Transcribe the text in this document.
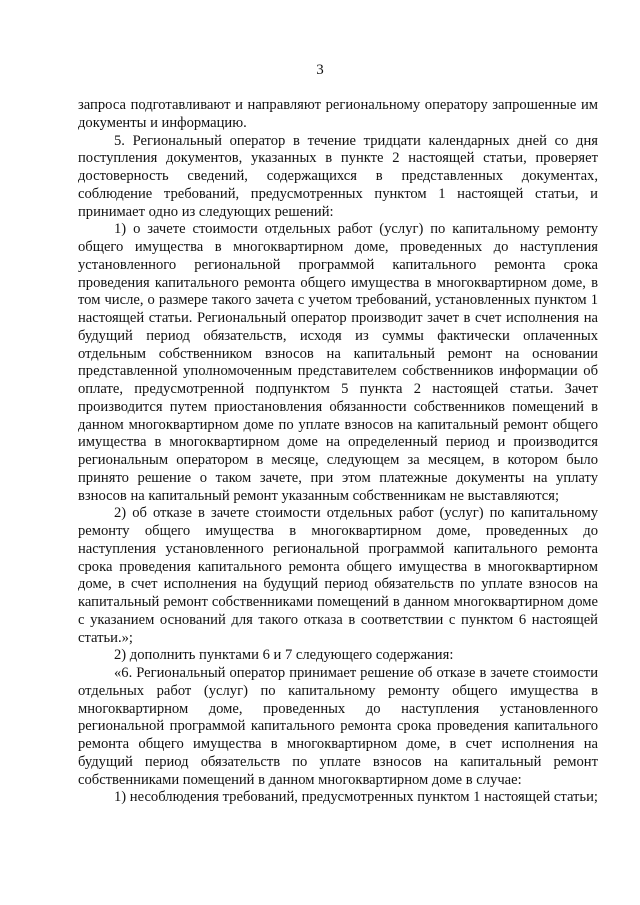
3

запроса подготавливают и направляют региональному оператору запрошенные им документы и информацию.

5. Региональный оператор в течение тридцати календарных дней со дня поступления документов, указанных в пункте 2 настоящей статьи, проверяет достоверность сведений, содержащихся в представленных документах, соблюдение требований, предусмотренных пунктом 1 настоящей статьи, и принимает одно из следующих решений:

1) о зачете стоимости отдельных работ (услуг) по капитальному ремонту общего имущества в многоквартирном доме, проведенных до наступления установленного региональной программой капитального ремонта срока проведения капитального ремонта общего имущества в многоквартирном доме, в том числе, о размере такого зачета с учетом требований, установленных пунктом 1 настоящей статьи. Региональный оператор производит зачет в счет исполнения на будущий период обязательств, исходя из суммы фактически оплаченных отдельным собственником взносов на капитальный ремонт на основании представленной уполномоченным представителем собственников информации об оплате, предусмотренной подпунктом 5 пункта 2 настоящей статьи. Зачет производится путем приостановления обязанности собственников помещений в данном многоквартирном доме по уплате взносов на капитальный ремонт общего имущества в многоквартирном доме на определенный период и производится региональным оператором в месяце, следующем за месяцем, в котором было принято решение о таком зачете, при этом платежные документы на уплату взносов на капитальный ремонт указанным собственникам не выставляются;

2) об отказе в зачете стоимости отдельных работ (услуг) по капитальному ремонту общего имущества в многоквартирном доме, проведенных до наступления установленного региональной программой капитального ремонта срока проведения капитального ремонта общего имущества в многоквартирном доме, в счет исполнения на будущий период обязательств по уплате взносов на капитальный ремонт собственниками помещений в данном многоквартирном доме с указанием оснований для такого отказа в соответствии с пунктом 6 настоящей статьи.»;

2) дополнить пунктами 6 и 7 следующего содержания:

«6. Региональный оператор принимает решение об отказе в зачете стоимости отдельных работ (услуг) по капитальному ремонту общего имущества в многоквартирном доме, проведенных до наступления установленного региональной программой капитального ремонта срока проведения капитального ремонта общего имущества в многоквартирном доме, в счет исполнения на будущий период обязательств по уплате взносов на капитальный ремонт собственниками помещений в данном многоквартирном доме в случае:

1) несоблюдения требований, предусмотренных пунктом 1 настоящей статьи;
